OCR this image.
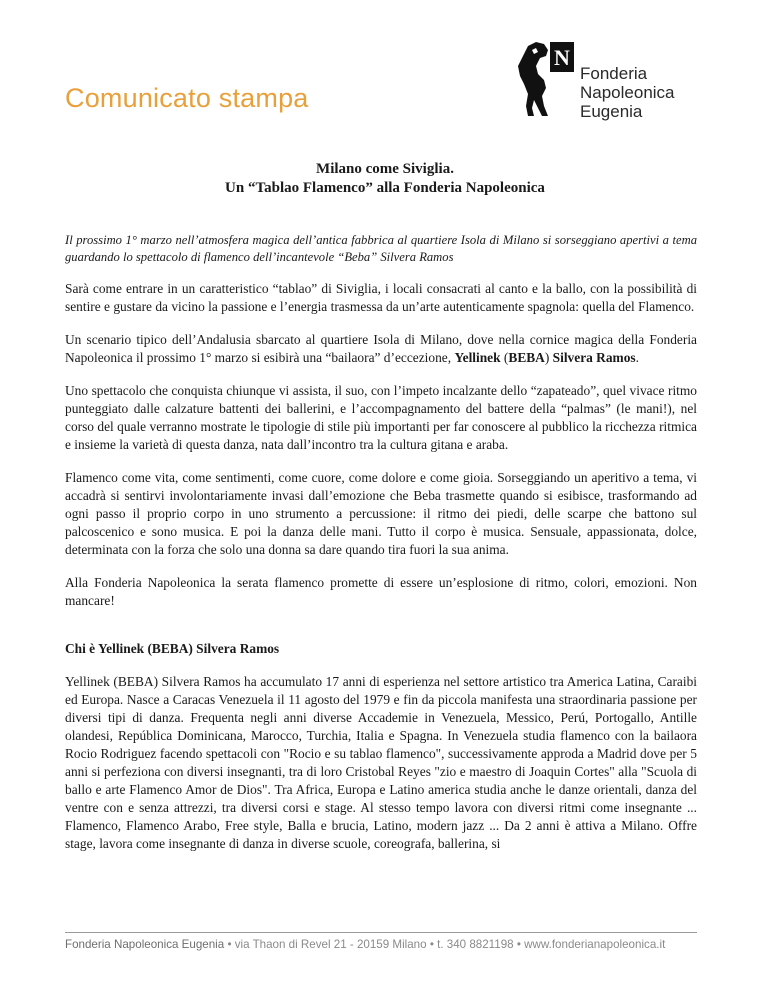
Comunicato stampa
N
Fonderia
Napoleonica
Eugenia
Milano come Siviglia.
Un “Tablao Flamenco” alla Fonderia Napoleonica

Il prossimo 1° marzo nell’atmosfera magica dell’antica fabbrica al quartiere Isola di Milano si sorseggiano apertivi a tema guardando lo spettacolo di flamenco dell’incantevole “Beba” Silvera Ramos

Sarà come entrare in un caratteristico “tablao” di Siviglia, i locali consacrati al canto e la ballo, con la possibilità di sentire e gustare da vicino la passione e l’energia trasmessa da un’arte autenticamente spagnola: quella del Flamenco.

Un scenario tipico dell’Andalusia sbarcato al quartiere Isola di Milano, dove nella cornice magica della Fonderia Napoleonica il prossimo 1° marzo si esibirà una “bailaora” d’eccezione, Yellinek (BEBA) Silvera Ramos.

Uno spettacolo che conquista chiunque vi assista, il suo, con l’impeto incalzante dello “zapateado”, quel vivace ritmo punteggiato dalle calzature battenti dei ballerini, e l’accompagnamento del battere della “palmas” (le mani!), nel corso del quale verranno mostrate le tipologie di stile più importanti per far conoscere al pubblico la ricchezza ritmica e insieme la varietà di questa danza, nata dall’incontro tra la cultura gitana e araba.

Flamenco come vita, come sentimenti, come cuore, come dolore e come gioia. Sorseggiando un aperitivo a tema, vi accadrà si sentirvi involontariamente invasi dall’emozione che Beba trasmette quando si esibisce, trasformando ad ogni passo il proprio corpo in uno strumento a percussione: il ritmo dei piedi, delle scarpe che battono sul palcoscenico e sono musica. E poi la danza delle mani. Tutto il corpo è musica. Sensuale, appassionata, dolce, determinata con la forza che solo una donna sa dare quando tira fuori la sua anima.

Alla Fonderia Napoleonica la serata flamenco promette di essere un’esplosione di ritmo, colori, emozioni. Non mancare!

Chi è Yellinek (BEBA) Silvera Ramos

Yellinek (BEBA) Silvera Ramos ha accumulato 17 anni di esperienza nel settore artistico tra America Latina, Caraibi ed Europa. Nasce a Caracas Venezuela il 11 agosto del 1979 e fin da piccola manifesta una straordinaria passione per diversi tipi di danza. Frequenta negli anni diverse Accademie in Venezuela, Messico, Perú, Portogallo, Antille olandesi, República Dominicana, Marocco, Turchia, Italia e Spagna. In Venezuela studia flamenco con la bailaora Rocio Rodriguez facendo spettacoli con "Rocio e su tablao flamenco", successivamente approda a Madrid dove per 5 anni si perfeziona con diversi insegnanti, tra di loro Cristobal Reyes "zio e maestro di Joaquin Cortes" alla "Scuola di ballo e arte Flamenco Amor de Dios". Tra Africa, Europa e Latino america studia anche le danze orientali, danza del ventre con e senza attrezzi, tra diversi corsi e stage. Al stesso tempo lavora con diversi ritmi come insegnante ... Flamenco, Flamenco Arabo, Free style, Balla e brucia, Latino, modern jazz ... Da 2 anni è attiva a Milano. Offre stage, lavora come insegnante di danza in diverse scuole, coreografa, ballerina, si

Fonderia Napoleonica Eugenia • via Thaon di Revel 21 - 20159 Milano • t. 340 8821198 • www.fonderianapoleonica.it
